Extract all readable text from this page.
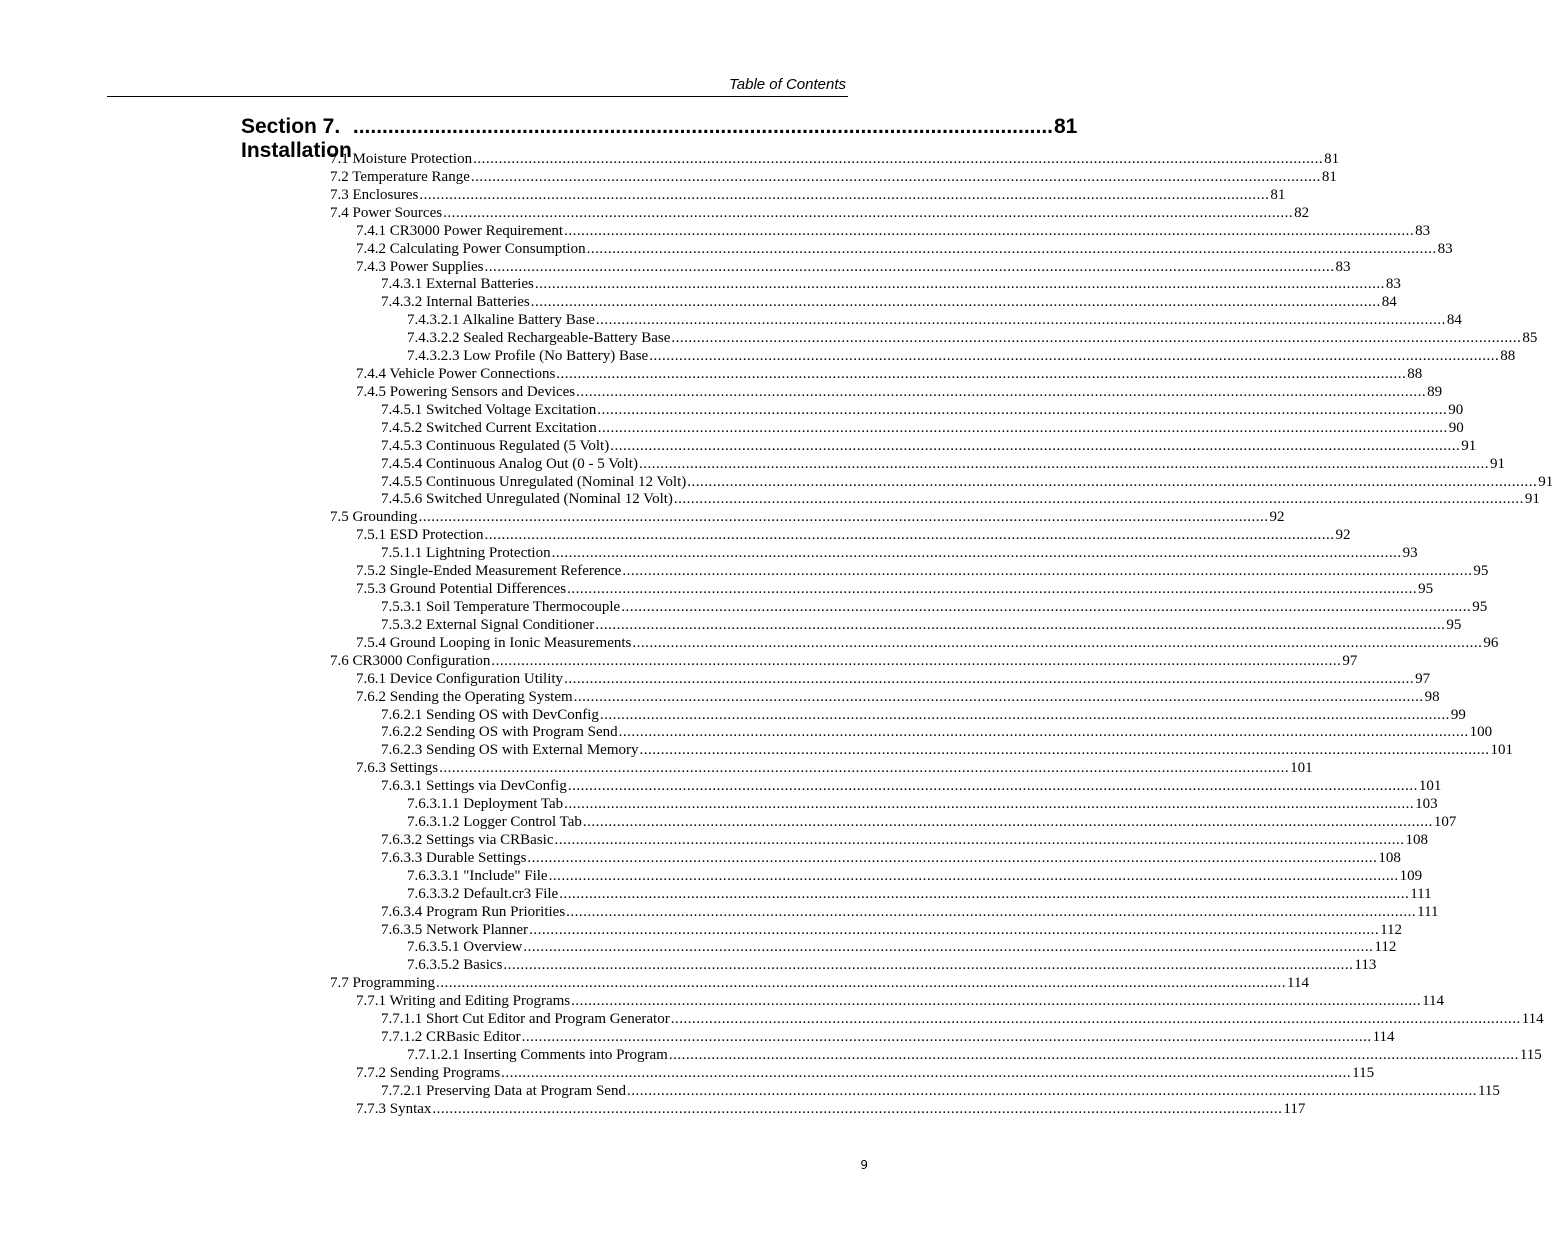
Table of Contents
Section 7. Installation
........................................................................................................................ 81
7.1 Moisture Protection ........................................................................................................................................................................................................ 81
7.2 Temperature Range ........................................................................................................................................................................................................ 81
7.3 Enclosures ........................................................................................................................................................................................................ 81
7.4 Power Sources ........................................................................................................................................................................................................ 82
7.4.1 CR3000 Power Requirement ........................................................................................................................................................................................................ 83
7.4.2 Calculating Power Consumption ........................................................................................................................................................................................................ 83
7.4.3 Power Supplies ........................................................................................................................................................................................................ 83
7.4.3.1 External Batteries ........................................................................................................................................................................................................ 83
7.4.3.2 Internal Batteries ........................................................................................................................................................................................................ 84
7.4.3.2.1 Alkaline Battery Base ........................................................................................................................................................................................................ 84
7.4.3.2.2 Sealed Rechargeable-Battery Base ........................................................................................................................................................................................................ 85
7.4.3.2.3 Low Profile (No Battery) Base ........................................................................................................................................................................................................ 88
7.4.4 Vehicle Power Connections ........................................................................................................................................................................................................ 88
7.4.5 Powering Sensors and Devices ........................................................................................................................................................................................................ 89
7.4.5.1 Switched Voltage Excitation ........................................................................................................................................................................................................ 90
7.4.5.2 Switched Current Excitation ........................................................................................................................................................................................................ 90
7.4.5.3 Continuous Regulated (5 Volt) ........................................................................................................................................................................................................ 91
7.4.5.4 Continuous Analog Out (0 - 5 Volt) ........................................................................................................................................................................................................ 91
7.4.5.5 Continuous Unregulated (Nominal 12 Volt) ........................................................................................................................................................................................................ 91
7.4.5.6 Switched Unregulated (Nominal 12 Volt) ........................................................................................................................................................................................................ 91
7.5 Grounding ........................................................................................................................................................................................................ 92
7.5.1 ESD Protection ........................................................................................................................................................................................................ 92
7.5.1.1 Lightning Protection ........................................................................................................................................................................................................ 93
7.5.2 Single-Ended Measurement Reference ........................................................................................................................................................................................................ 95
7.5.3 Ground Potential Differences ........................................................................................................................................................................................................ 95
7.5.3.1 Soil Temperature Thermocouple ........................................................................................................................................................................................................ 95
7.5.3.2 External Signal Conditioner ........................................................................................................................................................................................................ 95
7.5.4 Ground Looping in Ionic Measurements ........................................................................................................................................................................................................ 96
7.6 CR3000 Configuration ........................................................................................................................................................................................................ 97
7.6.1 Device Configuration Utility ........................................................................................................................................................................................................ 97
7.6.2 Sending the Operating System ........................................................................................................................................................................................................ 98
7.6.2.1 Sending OS with DevConfig ........................................................................................................................................................................................................ 99
7.6.2.2 Sending OS with Program Send ........................................................................................................................................................................................................ 100
7.6.2.3 Sending OS with External Memory ........................................................................................................................................................................................................ 101
7.6.3 Settings ........................................................................................................................................................................................................ 101
7.6.3.1 Settings via DevConfig ........................................................................................................................................................................................................ 101
7.6.3.1.1 Deployment Tab ........................................................................................................................................................................................................ 103
7.6.3.1.2 Logger Control Tab ........................................................................................................................................................................................................ 107
7.6.3.2 Settings via CRBasic ........................................................................................................................................................................................................ 108
7.6.3.3 Durable Settings ........................................................................................................................................................................................................ 108
7.6.3.3.1 "Include" File ........................................................................................................................................................................................................ 109
7.6.3.3.2 Default.cr3 File ........................................................................................................................................................................................................ 111
7.6.3.4 Program Run Priorities ........................................................................................................................................................................................................ 111
7.6.3.5 Network Planner ........................................................................................................................................................................................................ 112
7.6.3.5.1 Overview ........................................................................................................................................................................................................ 112
7.6.3.5.2 Basics ........................................................................................................................................................................................................ 113
7.7 Programming ........................................................................................................................................................................................................ 114
7.7.1 Writing and Editing Programs ........................................................................................................................................................................................................ 114
7.7.1.1 Short Cut Editor and Program Generator ........................................................................................................................................................................................................ 114
7.7.1.2 CRBasic Editor ........................................................................................................................................................................................................ 114
7.7.1.2.1 Inserting Comments into Program ........................................................................................................................................................................................................ 115
7.7.2 Sending Programs ........................................................................................................................................................................................................ 115
7.7.2.1 Preserving Data at Program Send ........................................................................................................................................................................................................ 115
7.7.3 Syntax ........................................................................................................................................................................................................ 117
9
